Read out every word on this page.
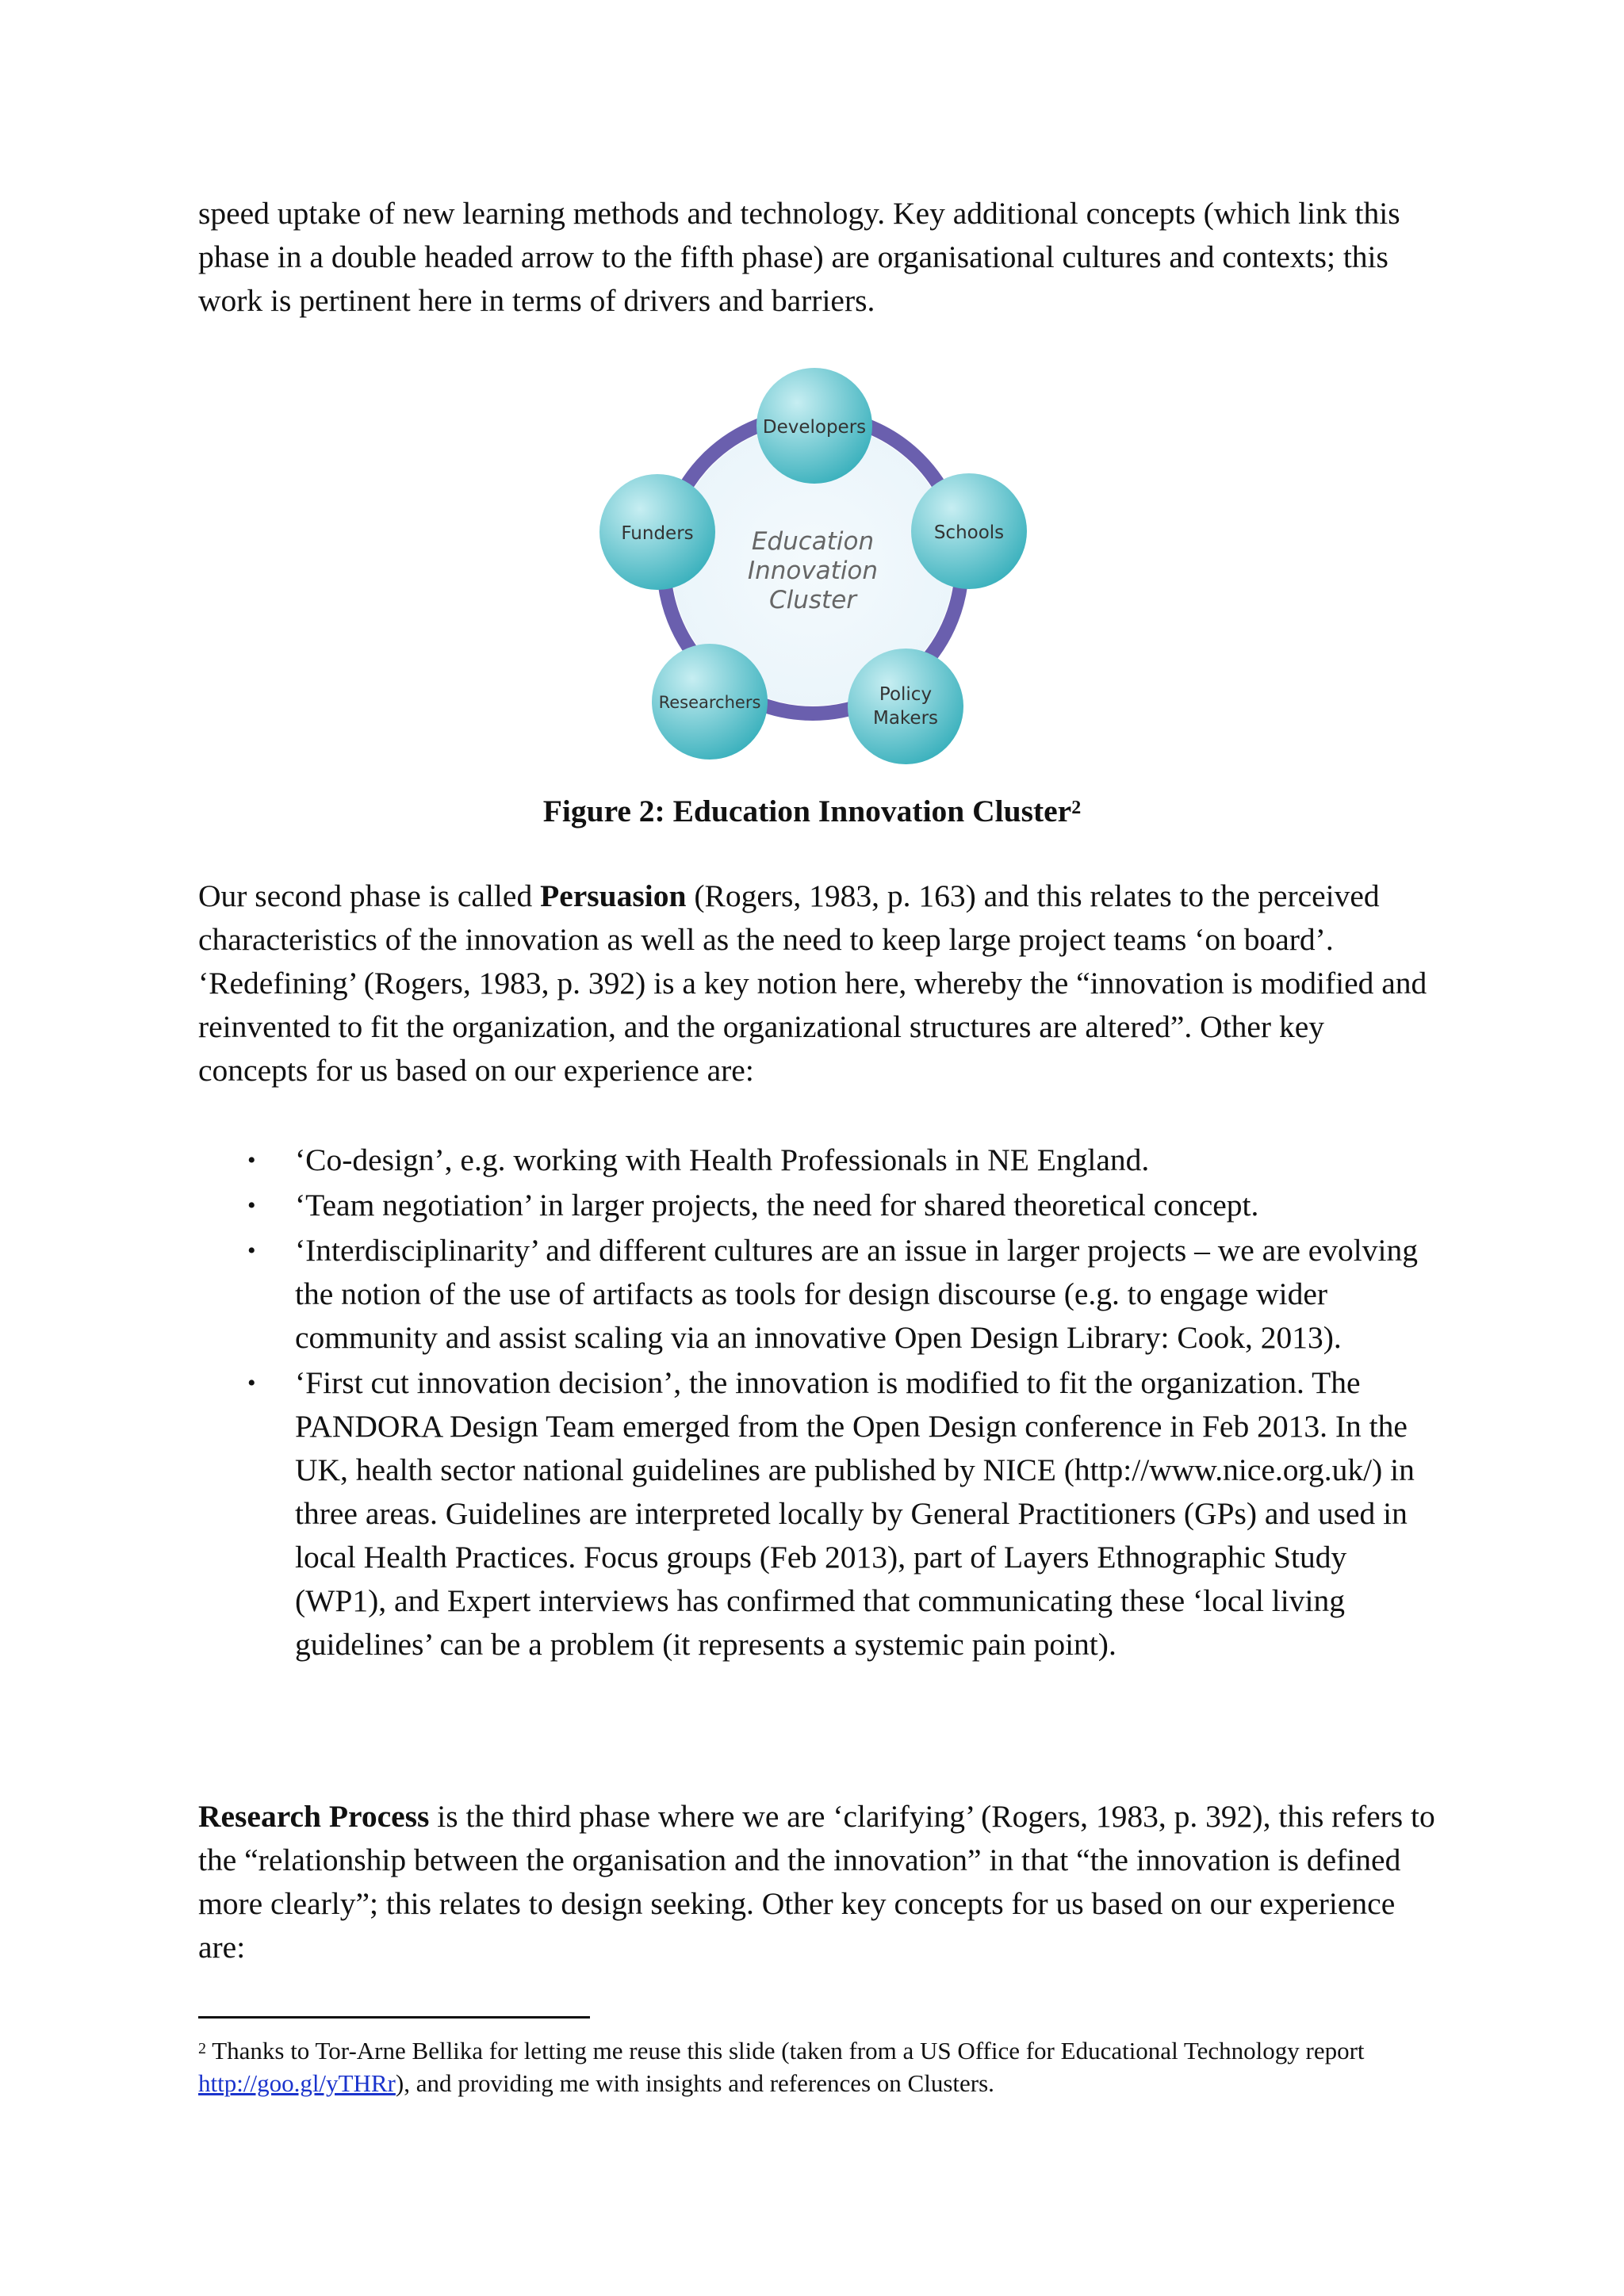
speed uptake of new learning methods and technology. Key additional concepts (which link this phase in a double headed arrow to the fifth phase) are organisational cultures and contexts; this work is pertinent here in terms of drivers and barriers.

Education
Innovation
Cluster
Developers
Schools
Policy
Makers
Researchers
Funders

Figure 2: Education Innovation Cluster$^2$

Our second phase is called Persuasion (Rogers, 1983, p. 163) and this relates to the perceived characteristics of the innovation as well as the need to keep large project teams ‘on board’. ‘Redefining’ (Rogers, 1983, p. 392) is a key notion here, whereby the “innovation is modified and reinvented to fit the organization, and the organizational structures are altered”. Other key concepts for us based on our experience are:

• ‘Co-design’, e.g. working with Health Professionals in NE England.
• ‘Team negotiation’ in larger projects, the need for shared theoretical concept.
• ‘Interdisciplinarity’ and different cultures are an issue in larger projects – we are evolving the notion of the use of artifacts as tools for design discourse (e.g. to engage wider community and assist scaling via an innovative Open Design Library: Cook, 2013).
• ‘First cut innovation decision’, the innovation is modified to fit the organization. The PANDORA Design Team emerged from the Open Design conference in Feb 2013. In the UK, health sector national guidelines are published by NICE (http://www.nice.org.uk/) in three areas. Guidelines are interpreted locally by General Practitioners (GPs) and used in local Health Practices. Focus groups (Feb 2013), part of Layers Ethnographic Study (WP1), and Expert interviews has confirmed that communicating these ‘local living guidelines’ can be a problem (it represents a systemic pain point).

Research Process is the third phase where we are ‘clarifying’ (Rogers, 1983, p. 392), this refers to the “relationship between the organisation and the innovation” in that “the innovation is defined more clearly”; this relates to design seeking. Other key concepts for us based on our experience are:

$^2$ Thanks to Tor-Arne Bellika for letting me reuse this slide (taken from a US Office for Educational Technology report http://goo.gl/yTHRr), and providing me with insights and references on Clusters.
